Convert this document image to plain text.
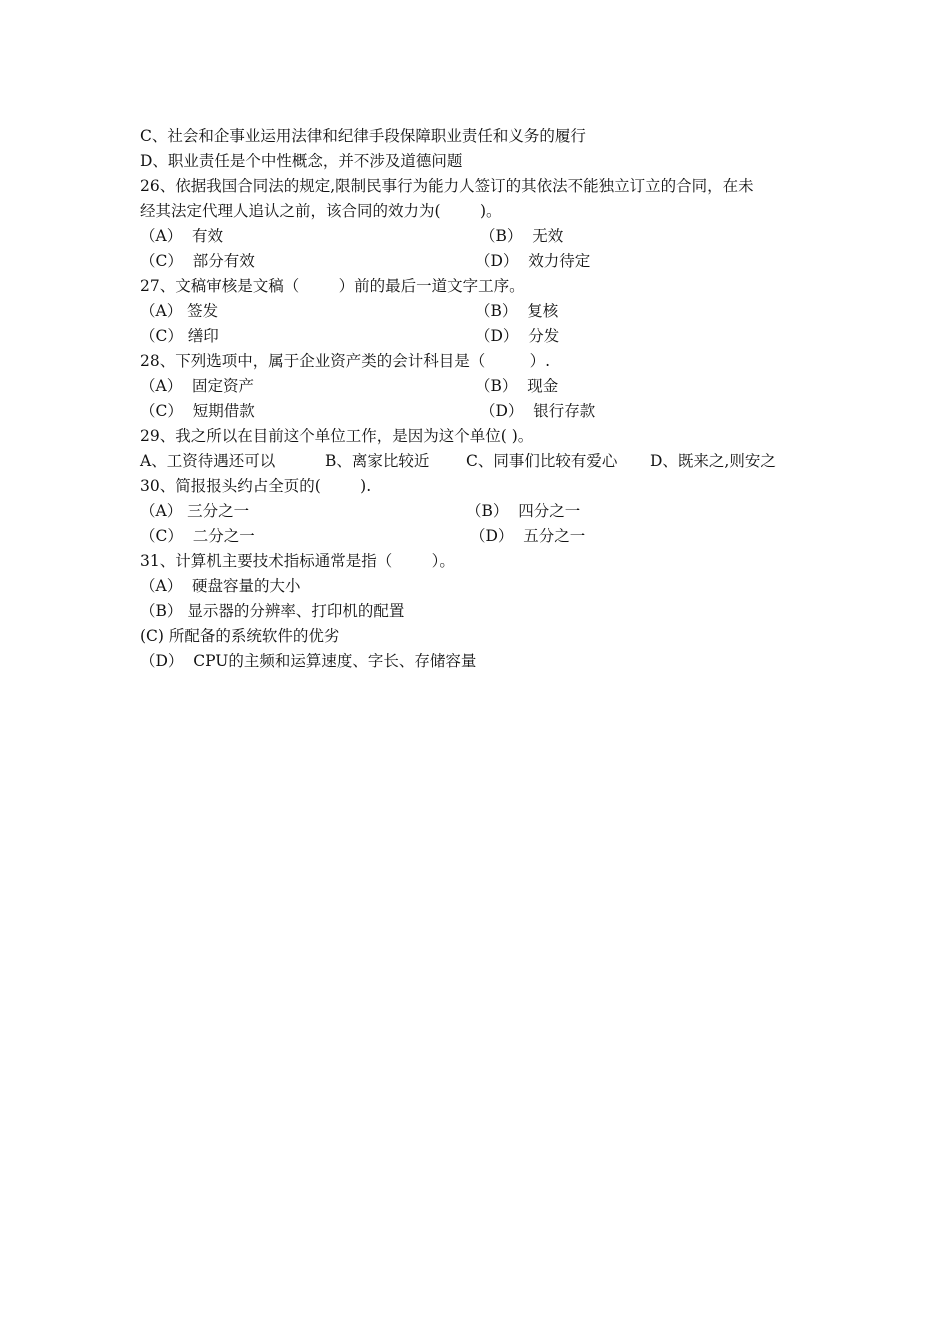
C、社会和企事业运用法律和纪律手段保障职业责任和义务的履行
D、职业责任是个中性概念，并不涉及道德问题
26、依据我国合同法的规定,限制民事行为能力人签订的其依法不能独立订立的合同，在未
经其法定代理人追认之前，该合同的效力为(        )。
（A）  有效	（B）  无效
（C）  部分有效	（D）  效力待定
27、文稿审核是文稿（        ）前的最后一道文字工序。
（A） 签发	（B）  复核
（C） 缮印	（D）  分发
28、下列选项中，属于企业资产类的会计科目是（         ）.
（A）  固定资产	（B）  现金
（C）  短期借款	（D）  银行存款
29、我之所以在目前这个单位工作，是因为这个单位( )。
A、工资待遇还可以	B、离家比较近 C、同事们比较有爱心 D、既来之,则安之
30、简报报头约占全页的(        ).
（A） 三分之一	（B）  四分之一
（C）  二分之一	（D）  五分之一
31、计算机主要技术指标通常是指（        ）。
（A）  硬盘容量的大小
（B） 显示器的分辨率、打印机的配置
(C) 所配备的系统软件的优劣
（D）  CPU的主频和运算速度、字长、存储容量
